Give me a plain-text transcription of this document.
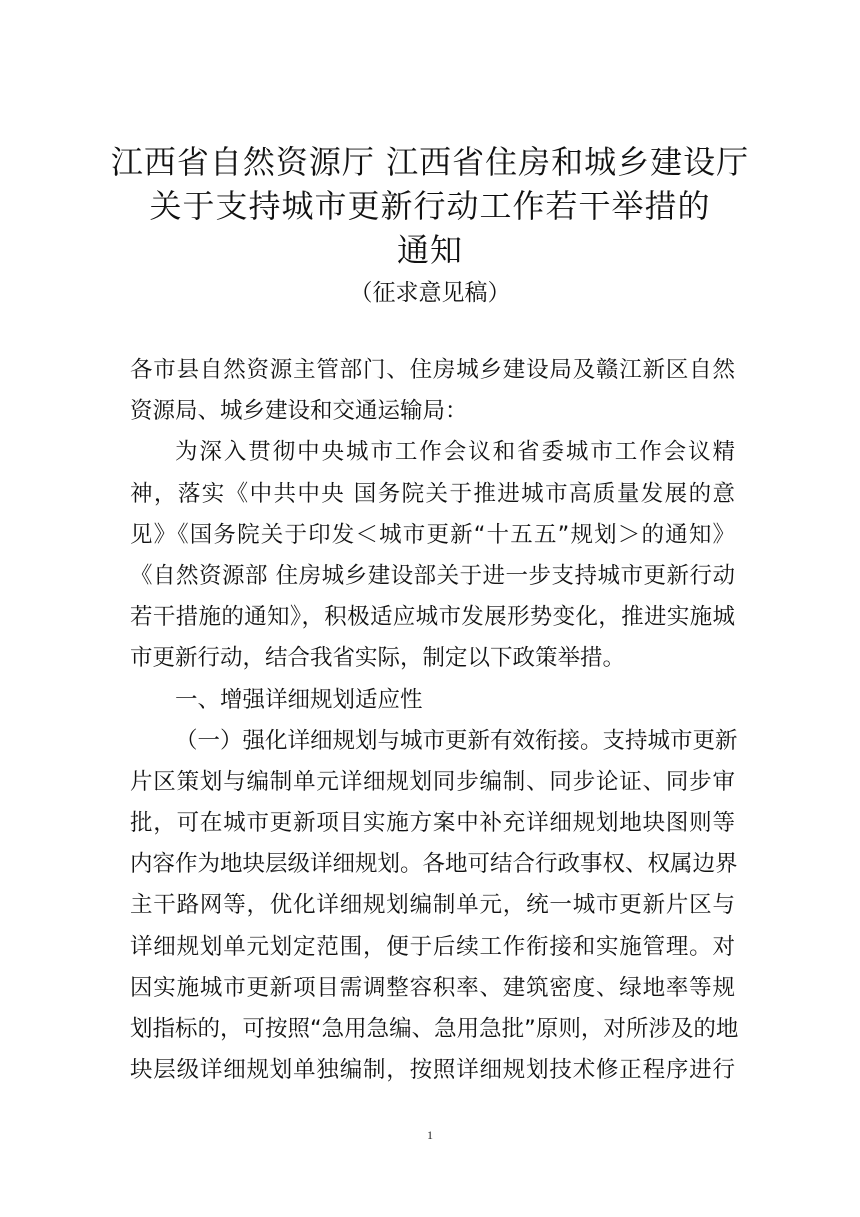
江西省自然资源厅 江西省住房和城乡建设厅
关于支持城市更新行动工作若干举措的
通知
（征求意见稿）
各市县自然资源主管部门、住房城乡建设局及赣江新区自然
资源局、城乡建设和交通运输局：
为深入贯彻中央城市工作会议和省委城市工作会议精
神，落实《中共中央 国务院关于推进城市高质量发展的意
见》《国务院关于印发＜城市更新“十五五”规划＞的通知》
《自然资源部 住房城乡建设部关于进一步支持城市更新行动
若干措施的通知》，积极适应城市发展形势变化，推进实施城
市更新行动，结合我省实际，制定以下政策举措。
一、增强详细规划适应性
（一）强化详细规划与城市更新有效衔接。支持城市更新
片区策划与编制单元详细规划同步编制、同步论证、同步审
批，可在城市更新项目实施方案中补充详细规划地块图则等
内容作为地块层级详细规划。各地可结合行政事权、权属边界
主干路网等，优化详细规划编制单元，统一城市更新片区与
详细规划单元划定范围，便于后续工作衔接和实施管理。对
因实施城市更新项目需调整容积率、建筑密度、绿地率等规
划指标的，可按照“急用急编、急用急批”原则，对所涉及的地
块层级详细规划单独编制，按照详细规划技术修正程序进行
1
